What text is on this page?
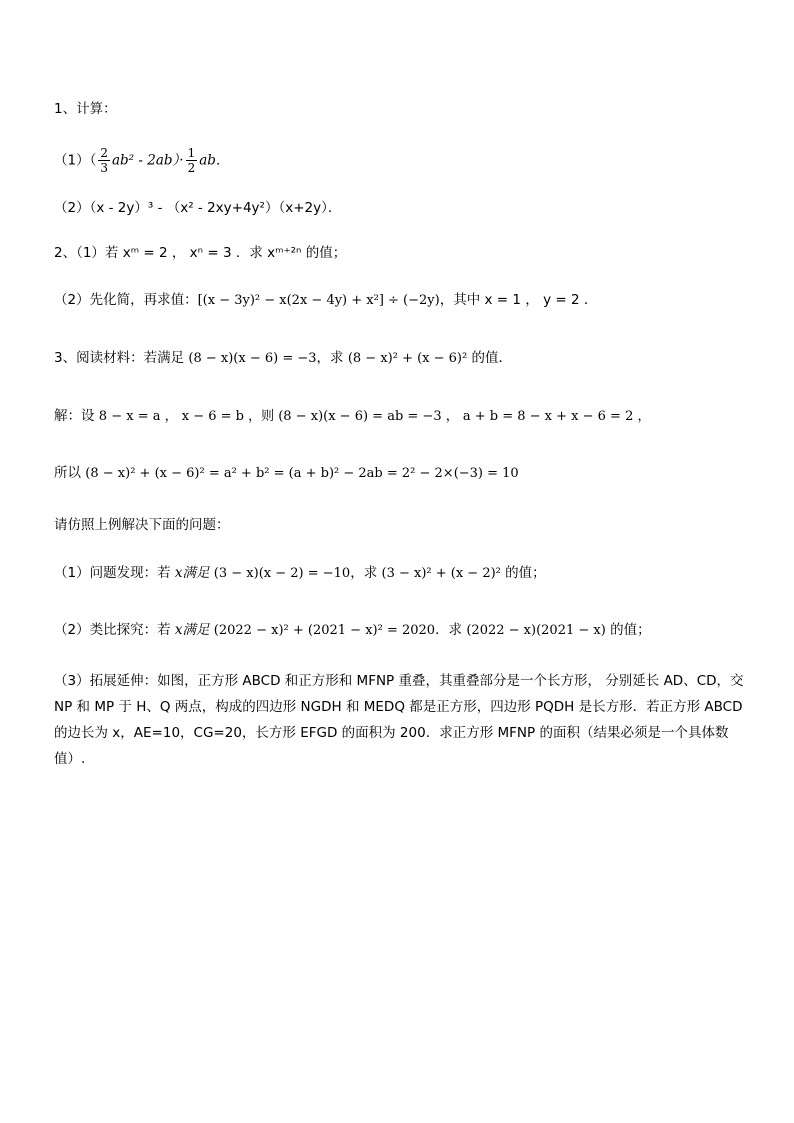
1、计算：
$(1)( \frac{2}{3} ab^2 - 2ab)\cdot \frac{1}{2}$ ab．
（2）（x - 2y）³ - （x² - 2xy+4y²）（x+2y）．
2、（1）若 xᵐ = 2 ， xⁿ = 3 ．求 xᵐ⁺²ⁿ 的值；
（2）先化简，再求值：[(x − 3y)² − x(2x − 4y) + x²] ÷ (−2y)，其中 x = 1 ， y = 2 ．
3、阅读材料：若满足 (8 − x)(x − 6) = −3，求 (8 − x)² + (x − 6)² 的值．
解：设 8 − x = a ， x − 6 = b ，则 (8 − x)(x − 6) = ab = −3 ， a + b = 8 − x + x − 6 = 2 ，
所以 (8 − x)² + (x − 6)² = a² + b² = (a + b)² − 2ab = 2² − 2×(−3) = 10
请仿照上例解决下面的问题：
（1）问题发现：若 x满足 (3 − x)(x − 2) = −10，求 (3 − x)² + (x − 2)² 的值；
（2）类比探究：若 x满足 (2022 − x)² + (2021 − x)² = 2020．求 (2022 − x)(2021 − x) 的值；
（3）拓展延伸：如图，正方形 ABCD 和正方形和 MFNP 重叠，其重叠部分是一个长方形， 分别延长 AD、CD，交 NP 和 MP 于 H、Q 两点，构成的四边形 NGDH 和 MEDQ 都是正方形，四边形 PQDH 是长方形．若正方形 ABCD 的边长为 x，AE=10，CG=20，长方形 EFGD 的面积为 200．求正方形 MFNP 的面积（结果必须是一个具体数值）.
